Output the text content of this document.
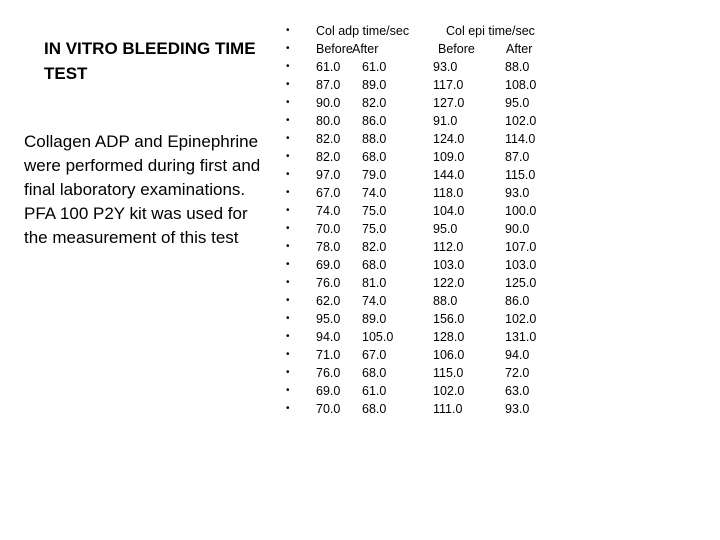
IN VITRO BLEEDING TIME TEST
Collagen ADP and Epinephrine were performed during first and final laboratory examinations. PFA 100 P2Y kit was used for the measurement of this test
• Col adp time/sec	Col epi time/sec
• Before After	Before After
• 61.0 61.0	93.0	88.0
• 87.0 89.0	117.0	108.0
• 90.0 82.0	127.0	95.0
• 80.0 86.0	91.0	102.0
• 82.0 88.0	124.0	114.0
• 82.0 68.0	109.0	87.0
• 97.0 79.0	144.0	115.0
• 67.0 74.0	118.0	93.0
• 74.0 75.0	104.0	100.0
• 70.0 75.0	95.0	90.0
• 78.0 82.0	112.0	107.0
• 69.0 68.0	103.0	103.0
• 76.0 81.0	122.0	125.0
• 62.0 74.0	88.0	86.0
• 95.0 89.0	156.0	102.0
• 94.0 105.0	128.0	131.0
• 71.0 67.0	106.0	94.0
• 76.0 68.0	115.0	72.0
• 69.0 61.0	102.0	63.0
• 70.0 68.0	111.0	93.0
